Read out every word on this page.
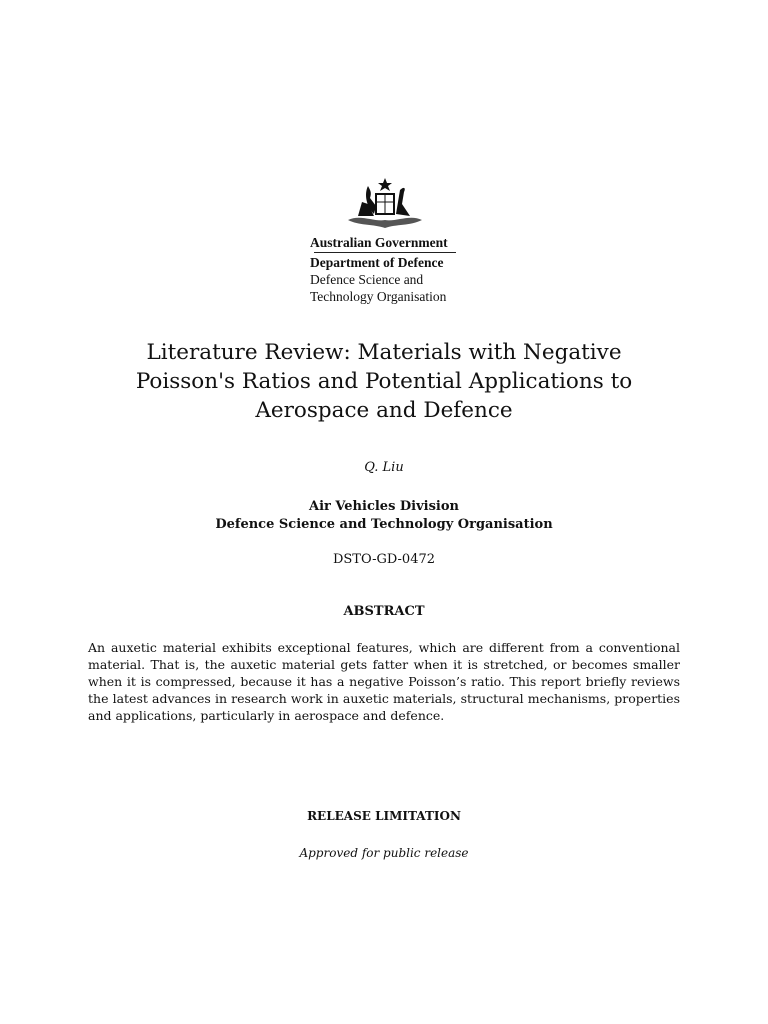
Australian Government
Department of Defence
Defence Science and
Technology Organisation
Literature Review: Materials with Negative Poisson's Ratios and Potential Applications to Aerospace and Defence
Q. Liu
Air Vehicles Division
Defence Science and Technology Organisation
DSTO-GD-0472
ABSTRACT
An auxetic material exhibits exceptional features, which are different from a conventional material. That is, the auxetic material gets fatter when it is stretched, or becomes smaller when it is compressed, because it has a negative Poisson’s ratio. This report briefly reviews the latest advances in research work in auxetic materials, structural mechanisms, properties and applications, particularly in aerospace and defence.
RELEASE LIMITATION
Approved for public release
